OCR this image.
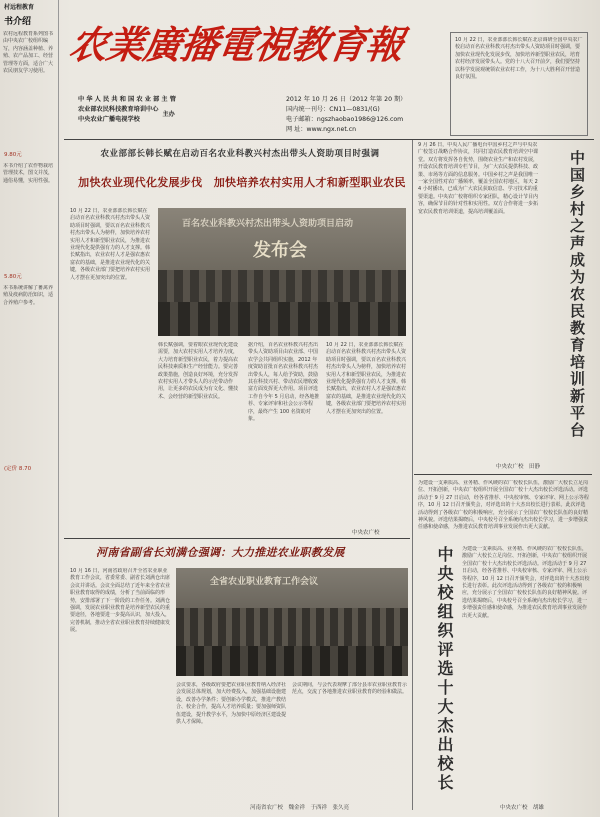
村远程教育
书介绍
农村远程教育系列图书由中央农广校组织编写，内容涵盖种植、养殖、农产品加工、经营管理等方面，适合广大农民朋友学习使用。
9.80元
本书介绍了农作物栽培管理技术，图文并茂，通俗易懂，实用性强。
5.80元
本书系统讲解了畜禽养殖及疫病防治知识，适合养殖户参考。
(定价 8.70
农業廣播電視教育報
中 华 人 民 共 和 国 农 业 部 主 管
农业部农民科技教育培训中心
中央农业广播电视学校
主办
2012 年 10 月 26 日（2012 年第 20 期）
国内统一刊号：CN11—0831/(G)
电子邮箱：ngszhaobao1986@126.com
网 址：www.ngx.net.cn
10 月 22 日，农业部部长韩长赋在北京调研全国中央农广校启动百名农业科教兴村杰出带头人资助项目时强调，要加快农业现代化发展步伐，加快培养新型职业农民，培育农村经济发展带头人。党的十八大召开前夕，我们要坚持以科学发展观统领农业农村工作，为十八大胜利召开营造良好氛围。
农业部部长韩长赋在启动百名农业科教兴村杰出带头人资助项目时强调
加快农业现代化发展步伐　加快培养农村实用人才和新型职业农民
10 月 22 日，农业部部长韩长赋在启动百名农业科教兴村杰出带头人资助项目时强调，要以百名农业科教兴村杰出带头人为榜样，加快培养农村实用人才和新型职业农民，为推进农业现代化提供强有力的人才支撑。韩长赋指出，农业农村人才是强农惠农富农的基础，是推进农业现代化的关键，各级农业部门要把培养农村实用人才摆在更加突出的位置。
百名农业科教兴村杰出带头人资助项目启动
发布会
韩长赋强调，要着眼农业现代化建设需要，加大农村实用人才培养力度，大力培育新型职业农民，着力提高农民科技素质和生产经营能力。要完善政策措施，创造良好环境，充分发挥农村实用人才带头人的示范带动作用，让更多的农民成为有文化、懂技术、会经营的新型职业农民。
据介绍，百名农业科教兴村杰出带头人资助项目由农业部、中国农学会共同组织实施，2012 年度资助首批百名农业科教兴村杰出带头人，每人给予资助，鼓励其在科技兴村、带动农民增收致富方面发挥更大作用。项目评选工作自今年 5 月启动，经各地推荐、专家评审和社会公示等程序，最终产生 100 名资助对象。
10 月 22 日，农业部部长韩长赋在启动百名农业科教兴村杰出带头人资助项目时强调，要以百名农业科教兴村杰出带头人为榜样，加快培养农村实用人才和新型职业农民，为推进农业现代化提供强有力的人才支撑。韩长赋指出，农业农村人才是强农惠农富农的基础，是推进农业现代化的关键，各级农业部门要把培养农村实用人才摆在更加突出的位置。
中央农广校
河南省副省长刘满仓强调：大力推进农业职教发展
10 月 16 日，河南省政府召开全省农业职业教育工作会议，省委常委、副省长刘满仓出席会议并讲话。会议全面总结了近年来全省农业职业教育取得的成绩，分析了当前面临的形势，安排部署了下一阶段的工作任务。刘满仓强调，发展农业职业教育是培养新型农民的重要途径，各地要进一步提高认识，加大投入，完善机制，推动全省农业职业教育持续健康发展。
全省农业职业教育工作会议
会议要求，各级政府要把农业职业教育纳入经济社会发展总体规划，加大经费投入，加强基础设施建设，改善办学条件；要创新办学模式，推进产教结合、校企合作，提高人才培养质量；要加强师资队伍建设，提升教学水平，为加快中原经济区建设提供人才保障。
会议期间，与会代表观摩了部分县市农业职业教育示范点，交流了各地推进农业职业教育的经验和做法。
河南省农广校　魏金祥　于西祥　张久亮
9 月 26 日，中央人民广播电台中国乡村之声与中央农广校签订战略合作协议，共同打造农民教育培训空中课堂。双方将发挥各自优势，围绕农业生产和农村发展，开设农民教育培训专栏节目，为广大农民提供科技、政策、市场等方面的信息服务。中国乡村之声是我国唯一一家全国性对农广播频率，覆盖全国农村地区，每天 24 小时播出，已成为广大农民获取信息、学习技术的重要渠道。中央农广校将组织专家团队，精心设计节目内容，确保节目的针对性和实用性。双方合作将进一步拓宽农民教育培训渠道，提高培训覆盖面。	中国乡村之声成为农民教育培训新平台
中央农广校　田静
为建设一支素质高、业务精、作风硬的农广校校长队伍，激励广大校长立足岗位、开拓创新，中央农广校组织开展全国农广校十大杰出校长评选活动。评选活动于 9 月 27 日启动，经各省推荐、中央校审核、专家评审、网上公示等程序，10 月 12 日召开颁奖会，对评选出的十大杰出校长进行表彰。此次评选活动得到了各级农广校的积极响应，充分展示了全国农广校校长队伍的良好精神风貌。评选结果揭晓后，中央校号召全系统向杰出校长学习，进一步增强责任感和使命感，为推进农民教育培训事业发展作出更大贡献。
中央校组织评选十大杰出校长	为建设一支素质高、业务精、作风硬的农广校校长队伍，激励广大校长立足岗位、开拓创新，中央农广校组织开展全国农广校十大杰出校长评选活动。评选活动于 9 月 27 日启动，经各省推荐、中央校审核、专家评审、网上公示等程序，10 月 12 日召开颁奖会，对评选出的十大杰出校长进行表彰。此次评选活动得到了各级农广校的积极响应，充分展示了全国农广校校长队伍的良好精神风貌。评选结果揭晓后，中央校号召全系统向杰出校长学习，进一步增强责任感和使命感，为推进农民教育培训事业发展作出更大贡献。
中央农广校　胡雄
